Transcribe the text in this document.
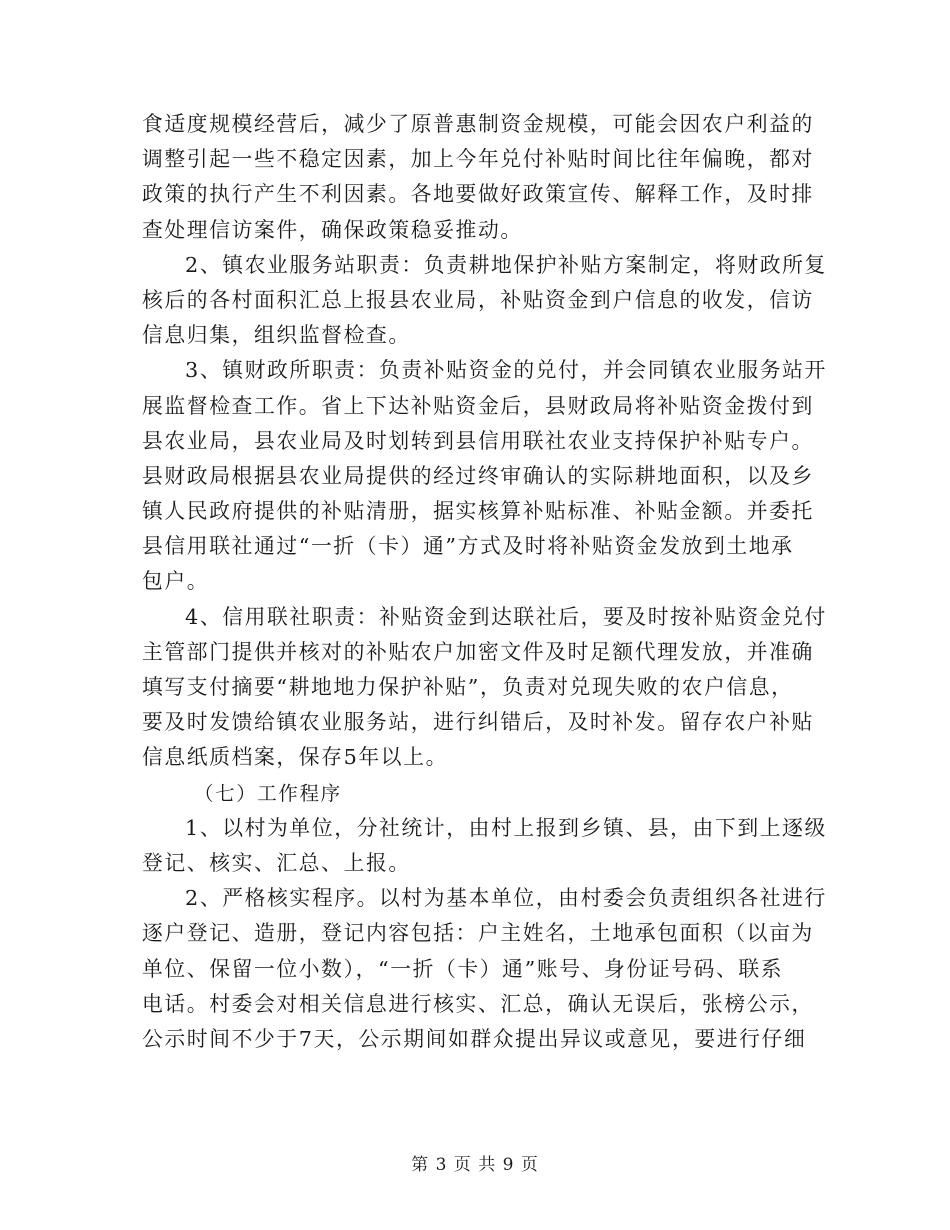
食适度规模经营后，减少了原普惠制资金规模，可能会因农户利益的
调整引起一些不稳定因素，加上今年兑付补贴时间比往年偏晚，都对
政策的执行产生不利因素。各地要做好政策宣传、解释工作，及时排
查处理信访案件，确保政策稳妥推动。
2、镇农业服务站职责：负责耕地保护补贴方案制定，将财政所复
核后的各村面积汇总上报县农业局，补贴资金到户信息的收发，信访
信息归集，组织监督检查。
3、镇财政所职责：负责补贴资金的兑付，并会同镇农业服务站开
展监督检查工作。省上下达补贴资金后，县财政局将补贴资金拨付到
县农业局，县农业局及时划转到县信用联社农业支持保护补贴专户。
县财政局根据县农业局提供的经过终审确认的实际耕地面积，以及乡
镇人民政府提供的补贴清册，据实核算补贴标准、补贴金额。并委托
县信用联社通过“一折（卡）通”方式及时将补贴资金发放到土地承
包户。
4、信用联社职责：补贴资金到达联社后，要及时按补贴资金兑付
主管部门提供并核对的补贴农户加密文件及时足额代理发放，并准确
填写支付摘要“耕地地力保护补贴”，负责对兑现失败的农户信息，
要及时发馈给镇农业服务站，进行纠错后，及时补发。留存农户补贴
信息纸质档案，保存5年以上。
（七）工作程序
1、以村为单位，分社统计，由村上报到乡镇、县，由下到上逐级
登记、核实、汇总、上报。
2、严格核实程序。以村为基本单位，由村委会负责组织各社进行
逐户登记、造册，登记内容包括：户主姓名，土地承包面积（以亩为
单位、保留一位小数），“一折（卡）通”账号、身份证号码、联系
电话。村委会对相关信息进行核实、汇总，确认无误后，张榜公示，
公示时间不少于7天，公示期间如群众提出异议或意见，要进行仔细
第 3 页 共 9 页
